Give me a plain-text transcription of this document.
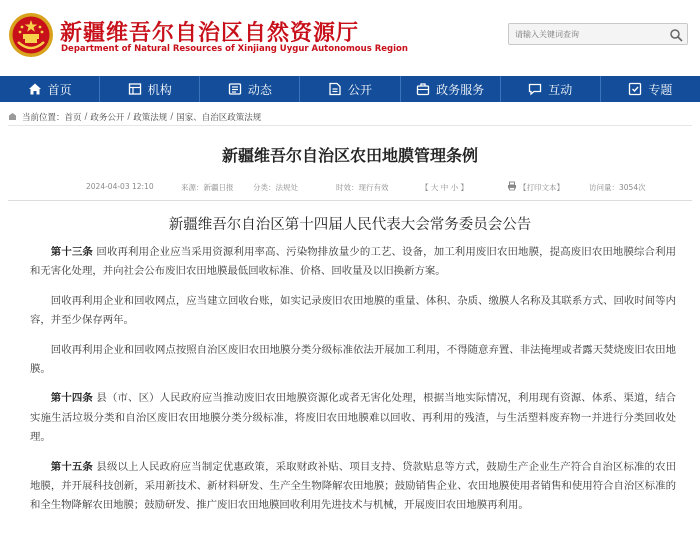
新疆维吾尔自治区自然资源厅
Department of Natural Resources of Xinjiang Uygur Autonomous Region
请输入关键词查询
首页	机构	动态	公开	政务服务	互动	专题
当前位置： 首页 / 政务公开 / 政策法规 / 国家、自治区政策法规
新疆维吾尔自治区农田地膜管理条例
2024-04-03 12:10	来源：新疆日报	分类：法规处	时效：现行有效	【 大 中 小 】	【打印文本】	访问量：3054次
新疆维吾尔自治区第十四届人民代表大会常务委员会公告

第十三条 回收再利用企业应当采用资源利用率高、污染物排放量少的工艺、设备，加工利用废旧农田地膜，提高废旧农田地膜综合利用和无害化处理，并向社会公布废旧农田地膜最低回收标准、价格、回收量及以旧换新方案。

回收再利用企业和回收网点，应当建立回收台账，如实记录废旧农田地膜的重量、体积、杂质、缴膜人名称及其联系方式、回收时间等内容，并至少保存两年。

回收再利用企业和回收网点按照自治区废旧农田地膜分类分级标准依法开展加工利用，不得随意弃置、非法掩埋或者露天焚烧废旧农田地膜。

第十四条 县（市、区）人民政府应当推动废旧农田地膜资源化或者无害化处理，根据当地实际情况，利用现有资源、体系、渠道，结合实施生活垃圾分类和自治区废旧农田地膜分类分级标准，将废旧农田地膜难以回收、再利用的残渣，与生活塑料废弃物一并进行分类回收处理。

第十五条 县级以上人民政府应当制定优惠政策，采取财政补贴、项目支持、贷款贴息等方式，鼓励生产企业生产符合自治区标准的农田地膜，并开展科技创新，采用新技术、新材料研发、生产全生物降解农田地膜；鼓励销售企业、农田地膜使用者销售和使用符合自治区标准的和全生物降解农田地膜；鼓励研发、推广废旧农田地膜回收利用先进技术与机械，开展废旧农田地膜再利用。
